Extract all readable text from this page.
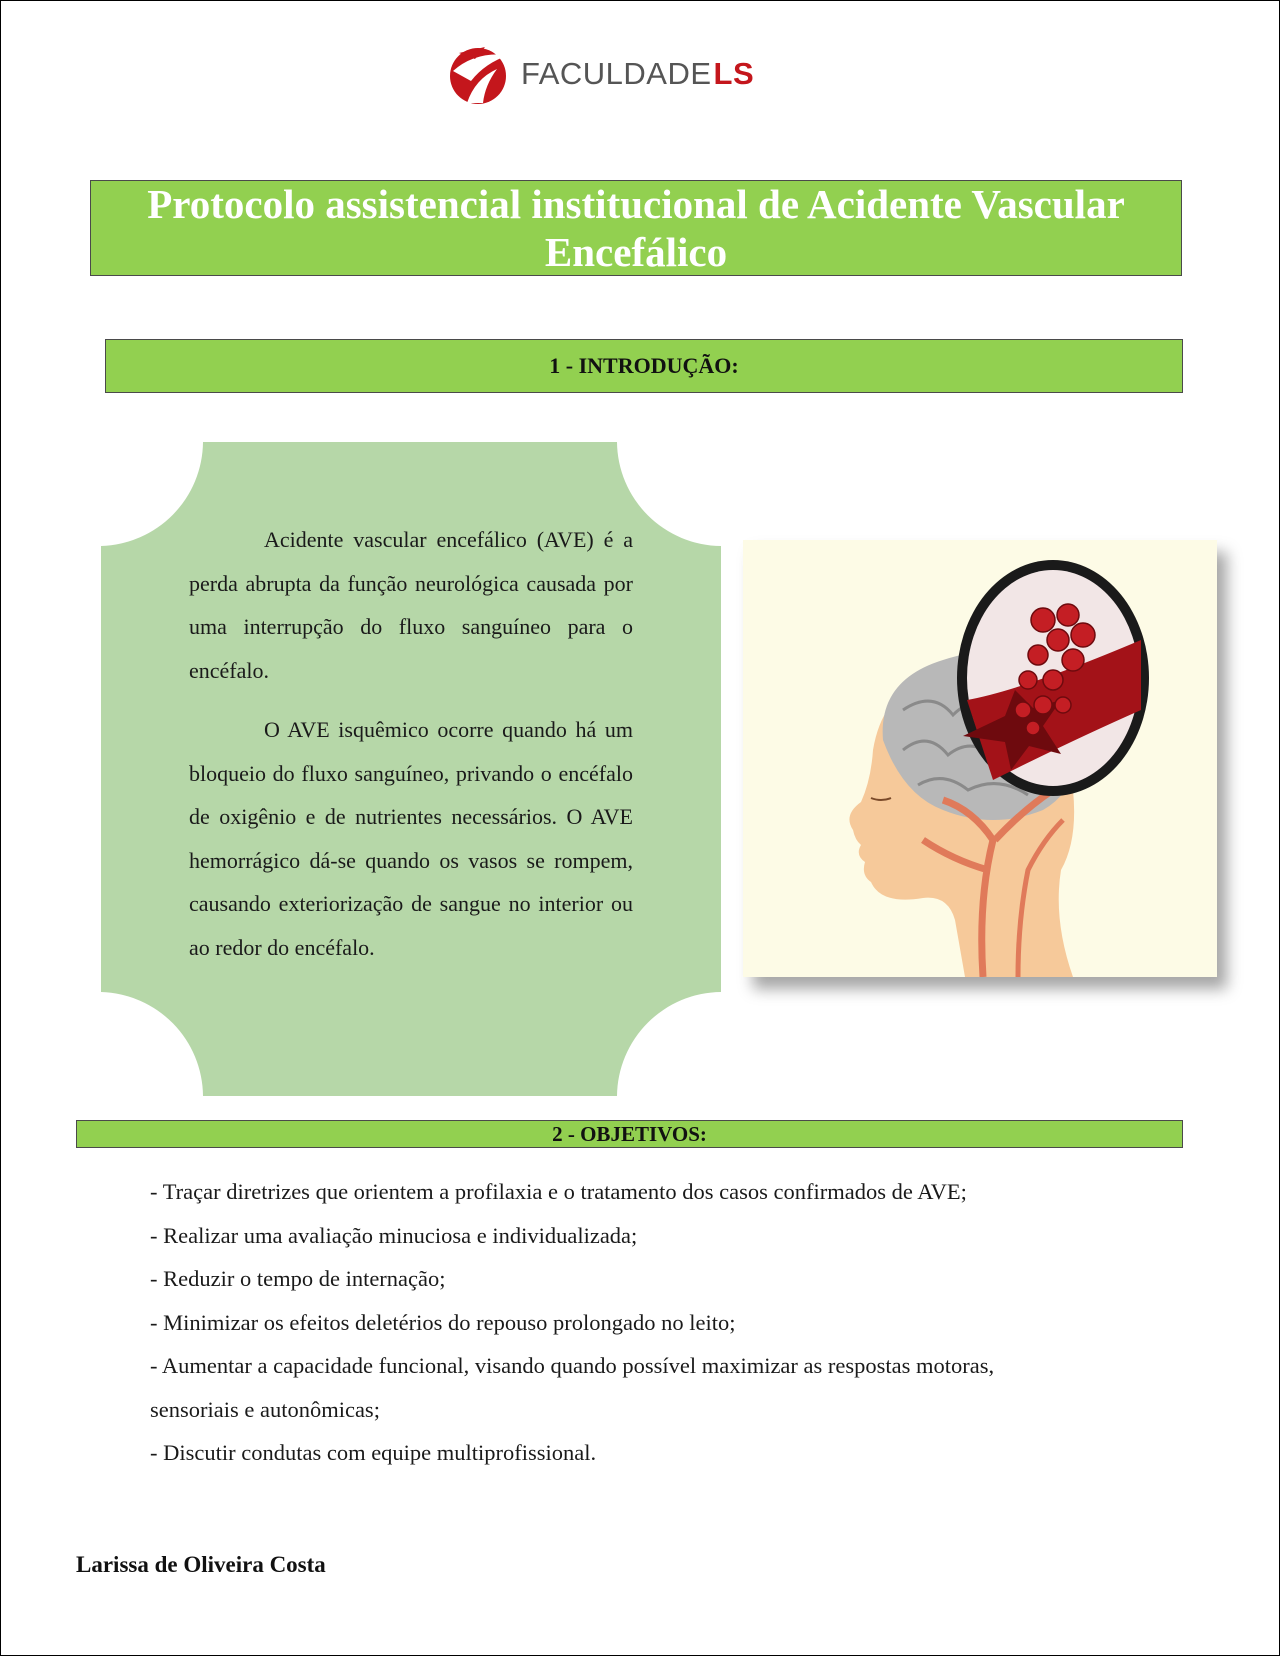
FACULDADELS
Protocolo assistencial institucional de Acidente Vascular Encefálico
1 - INTRODUÇÃO:

Acidente vascular encefálico (AVE) é a perda abrupta da função neurológica causada por uma interrupção do fluxo sanguíneo para o encéfalo.

O AVE isquêmico ocorre quando há um bloqueio do fluxo sanguíneo, privando o encéfalo de oxigênio e de nutrientes necessários. O AVE hemorrágico dá-se quando os vasos se rompem, causando exteriorização de sangue no interior ou ao redor do encéfalo.

2 - OBJETIVOS:
- Traçar diretrizes que orientem a profilaxia e o tratamento dos casos confirmados de AVE;
- Realizar uma avaliação minuciosa e individualizada;
- Reduzir o tempo de internação;
- Minimizar os efeitos deletérios do repouso prolongado no leito;
- Aumentar a capacidade funcional, visando quando possível maximizar as respostas motoras,
sensoriais e autonômicas;
- Discutir condutas com equipe multiprofissional.
Larissa de Oliveira Costa
